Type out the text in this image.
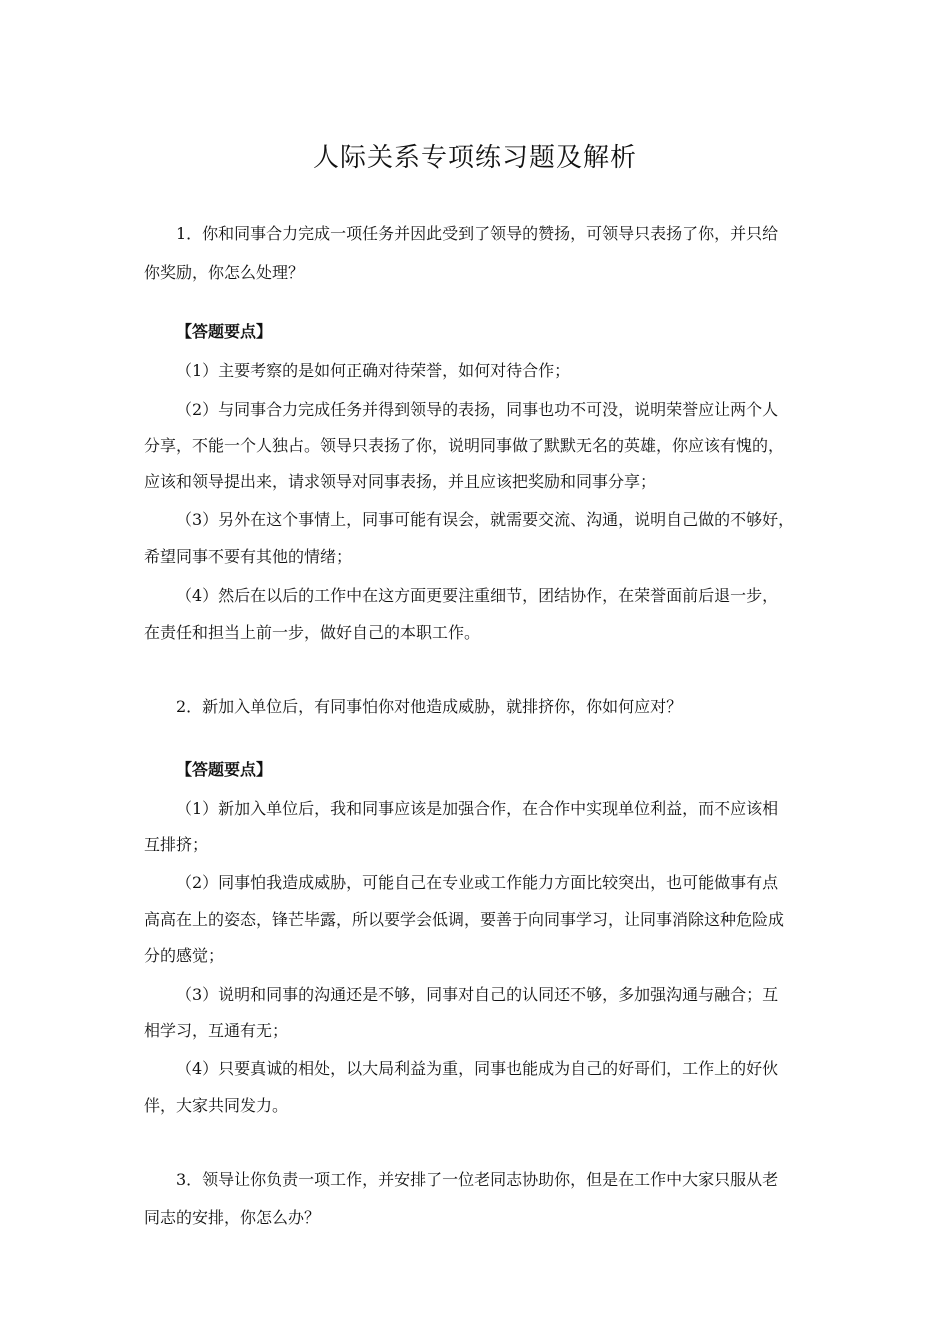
人际关系专项练习题及解析
1．你和同事合力完成一项任务并因此受到了领导的赞扬，可领导只表扬了你，并只给
你奖励，你怎么处理？
【答题要点】
（1）主要考察的是如何正确对待荣誉，如何对待合作；
（2）与同事合力完成任务并得到领导的表扬，同事也功不可没，说明荣誉应让两个人
分享，不能一个人独占。领导只表扬了你，说明同事做了默默无名的英雄，你应该有愧的，
应该和领导提出来，请求领导对同事表扬，并且应该把奖励和同事分享；
（3）另外在这个事情上，同事可能有误会，就需要交流、沟通，说明自己做的不够好，
希望同事不要有其他的情绪；
（4）然后在以后的工作中在这方面更要注重细节，团结协作，在荣誉面前后退一步，
在责任和担当上前一步，做好自己的本职工作。
2．新加入单位后，有同事怕你对他造成威胁，就排挤你，你如何应对？
【答题要点】
（1）新加入单位后，我和同事应该是加强合作，在合作中实现单位利益，而不应该相
互排挤；
（2）同事怕我造成威胁，可能自己在专业或工作能力方面比较突出，也可能做事有点
高高在上的姿态，锋芒毕露，所以要学会低调，要善于向同事学习，让同事消除这种危险成
分的感觉；
（3）说明和同事的沟通还是不够，同事对自己的认同还不够，多加强沟通与融合；互
相学习，互通有无；
（4）只要真诚的相处，以大局利益为重，同事也能成为自己的好哥们，工作上的好伙
伴，大家共同发力。
3．领导让你负责一项工作，并安排了一位老同志协助你，但是在工作中大家只服从老
同志的安排，你怎么办？
